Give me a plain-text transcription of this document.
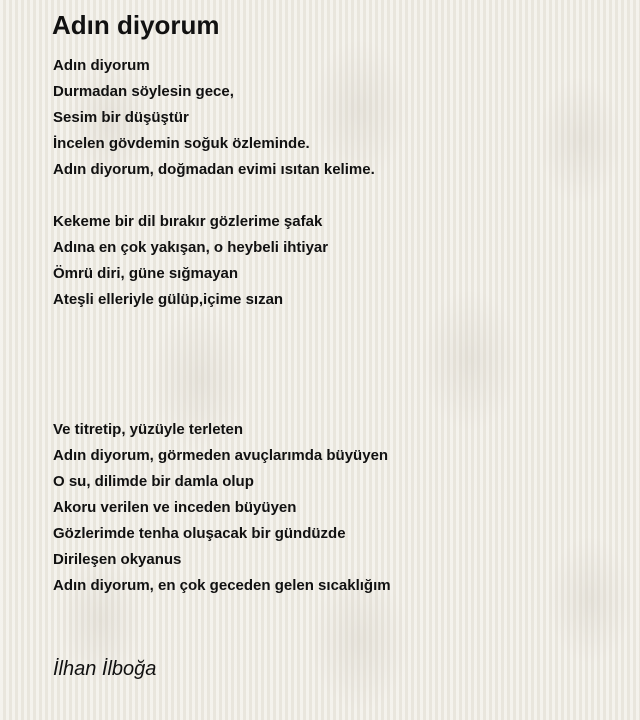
Adın diyorum
Adın diyorum
Durmadan söylesin gece,
Sesim bir düşüştür
İncelen gövdemin soğuk özleminde.
Adın diyorum, doğmadan evimi ısıtan kelime.
Kekeme bir dil bırakır gözlerime şafak
Adına en çok yakışan, o heybeli ihtiyar
Ömrü diri, güne sığmayan
Ateşli elleriyle gülüp,içime sızan
Ve titretip, yüzüyle terleten
Adın diyorum, görmeden avuçlarımda büyüyen
O su, dilimde bir damla olup
Akoru verilen ve inceden büyüyen
Gözlerimde tenha oluşacak bir gündüzde
Dirileşen okyanus
Adın diyorum, en çok geceden gelen sıcaklığım
İlhan İlboğa
